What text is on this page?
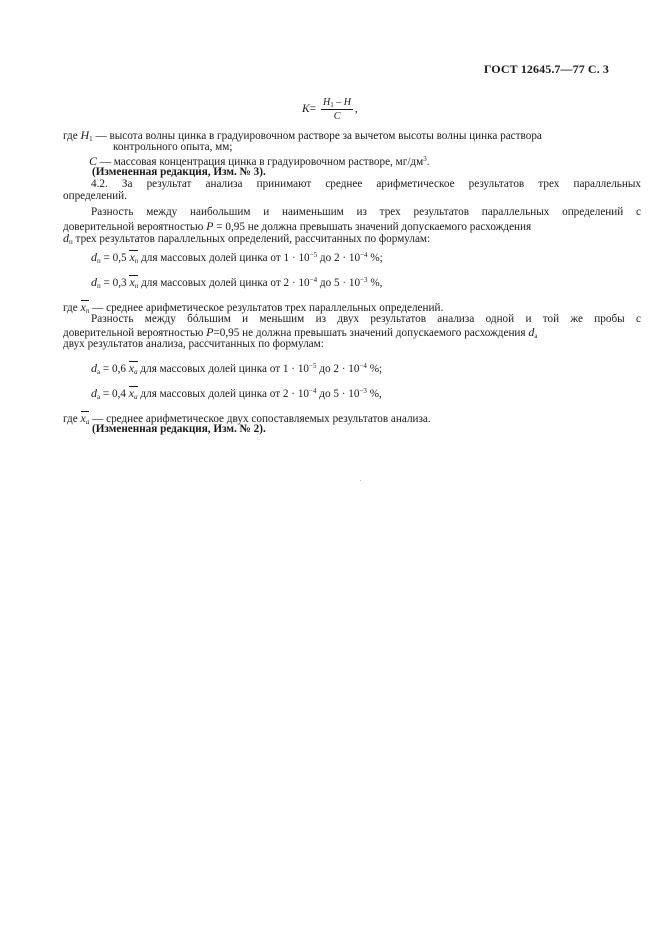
ГОСТ 12645.7—77 С. 3
$K= \frac{H_1 - H}{C}$ ,
где $H_1$ — высота волны цинка в градуировочном растворе за вычетом высоты волны цинка раствора
контрольного опыта, мм;
C — массовая концентрация цинка в градуировочном растворе, $мг/дм^3$.
(Измененная редакция, Изм. № 3).
4.2. За результат анализа принимают среднее арифметическое результатов трех параллельных
определений.
Разность между наибольшим и наименьшим из трех результатов параллельных определений с
доверительной вероятностью P = 0,95 не должна превышать значений допускаемого расхождения
$d_п$ трех результатов параллельных определений, рассчитанных по формулам:
$d_п = 0,5$ $x_п$ для массовых долей цинка от $1 \cdot 10^{-5}$ до $2 \cdot 10^{-4}$ %;
$d_п = 0,3$ $x_п$ для массовых долей цинка от $2 \cdot 10^{-4}$ до $5 \cdot 10^{-3}$ %,
где $x_п$ — среднее арифметическое результатов трех параллельных определений.
Разность между бóльшим и меньшим из двух результатов анализа одной и той же пробы с
доверительной вероятностью P=0,95 не должна превышать значений допускаемого расхождения $d_а$
двух результатов анализа, рассчитанных по формулам:
$d_а = 0,6$ $x_а$ для массовых долей цинка от $1 \cdot 10^{-5}$ до $2 \cdot 10^{-4}$ %;
$d_а = 0,4$ $x_а$ для массовых долей цинка от $2 \cdot 10^{-4}$ до $5 \cdot 10^{-3}$ %,
где $x_а$ — среднее арифметическое двух сопоставляемых результатов анализа.
(Измененная редакция, Изм. № 2).
